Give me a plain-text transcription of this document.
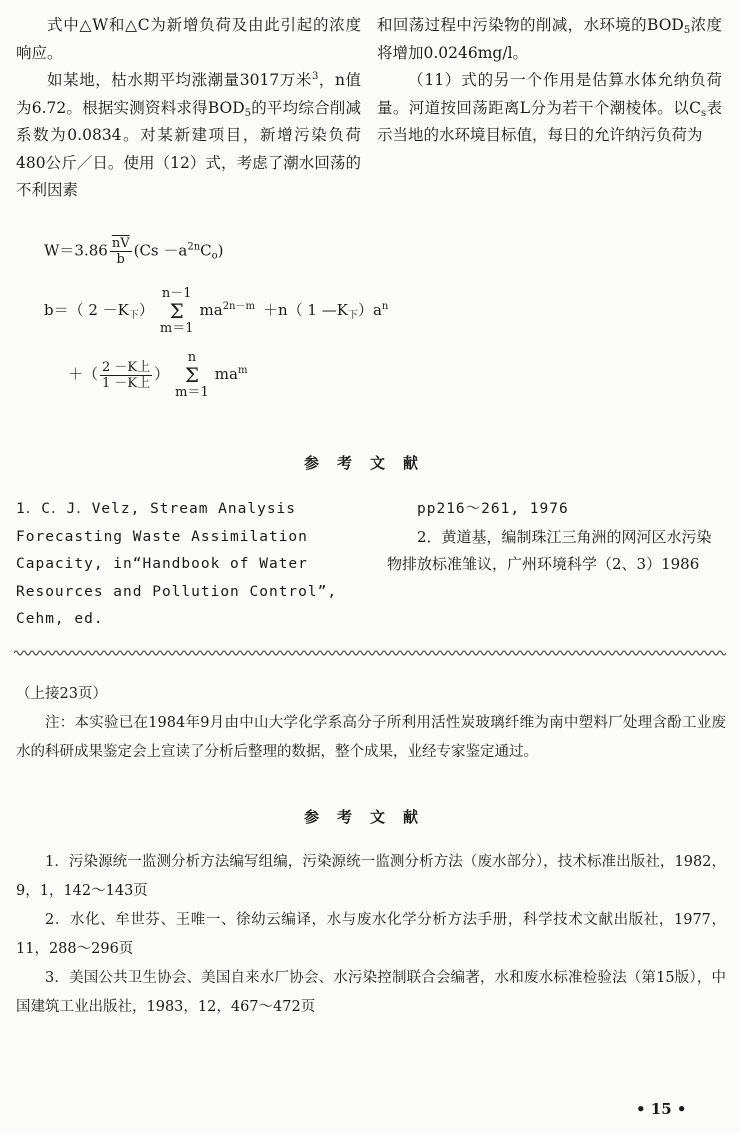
式中△W和△C为新增负荷及由此引起的浓度响应。

如某地，枯水期平均涨潮量3017万米$^3$，n值为6.72。根据实测资料求得$BOD_5$的平均综合削减系数为0.0834。对某新建项目，新增污染负荷480公斤／日。使用（12）式，考虑了潮水回荡的不利因素

和回荡过程中污染物的削减，水环境的$BOD_5$浓度将增加0.0246mg/l。

（11）式的另一个作用是估算水体允纳负荷量。河道按回荡距离L分为若干个潮棱体。以$C_s$表示当地的水环境目标值，每日的允许纳污负荷为

$W=3.86 \frac{\overline{nV}}{b} (Cs -a^{2n}C_o)$
b＝（ $2 -K_下$）
n－1
Σ
m＝1
$ma^{2n-m} +n$（ 1 $—K_下)a^n$
＋（ $\frac{\text{2 －K上}}{\text{1 －K上}}$ ）
n
Σ
m＝1
$ma^m$
参考文献

1．C．J．Velz, Stream Analysis Forecasting Waste Assimilation Capacity, in“Handbook of Water Resources and Pollution Control”, Cehm, ed.

pp216～261, 1976

2．黄道基，编制珠江三角洲的网河区水污染物排放标准雏议，广州环境科学（2、3）1986

（上接23页）

注：本实验已在1984年9月由中山大学化学系高分子所利用活性炭玻璃纤维为南中塑料厂处理含酚工业废水的科研成果鉴定会上宣读了分析后整理的数据，整个成果，业经专家鉴定通过。

参考文献

1．污染源统一监测分析方法编写组编，污染源统一监测分析方法（废水部分），技术标准出版社，1982，9，1，142～143页

2．水化、牟世芬、王唯一、徐幼云编译，水与废水化学分析方法手册，科学技术文献出版社，1977，11，288～296页

3．美国公共卫生协会、美国自来水厂协会、水污染控制联合会编著，水和废水标准检验法（第15版），中国建筑工业出版社，1983，12，467～472页

• 15 •
